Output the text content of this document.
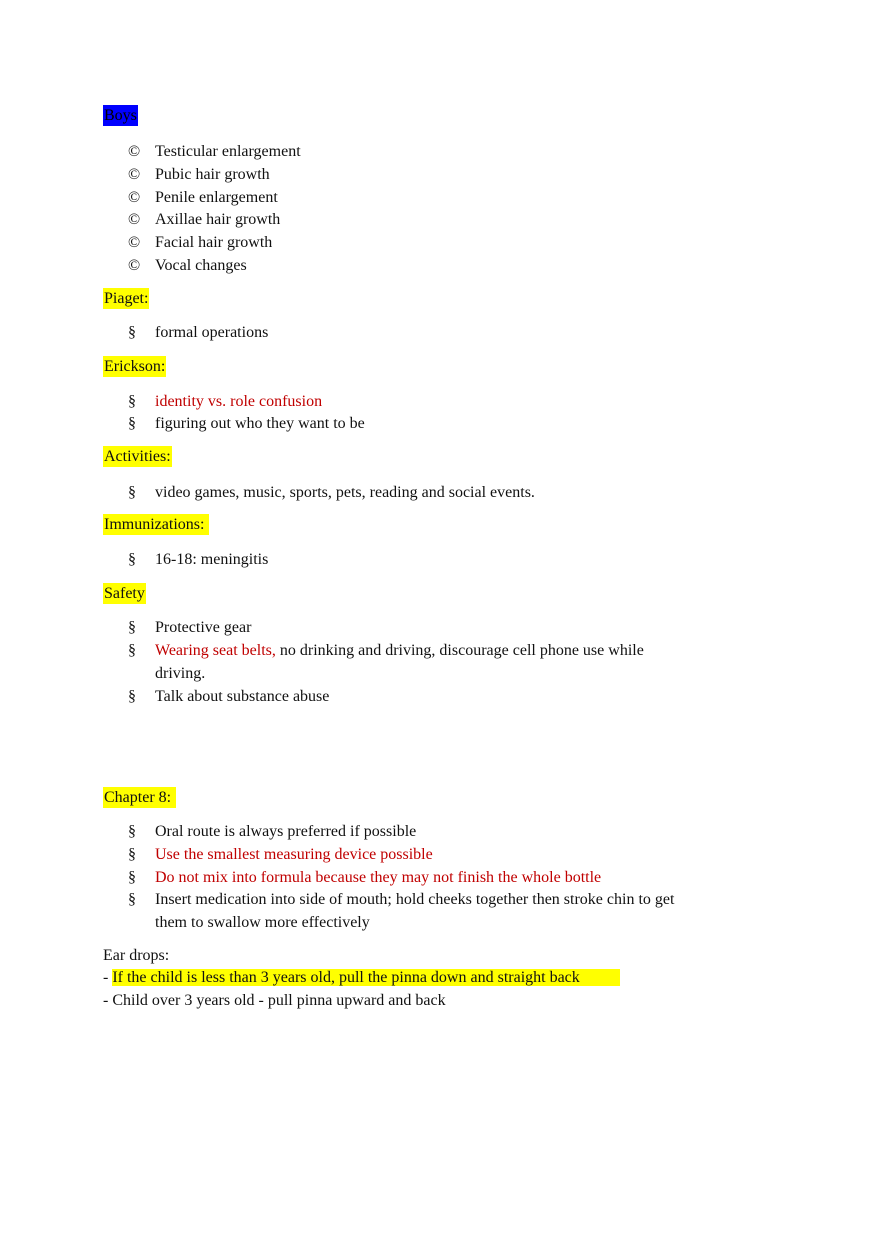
Boys
© Testicular enlargement
© Pubic hair growth
© Penile enlargement
© Axillae hair growth
© Facial hair growth
© Vocal changes
Piaget:
§	formal operations
Erickson:
§	identity vs. role confusion
§	figuring out who they want to be
Activities:
§	video games, music, sports, pets, reading and social events.
Immunizations:
§	16-18: meningitis
Safety
§	Protective gear
§	Wearing seat belts, no drinking and driving, discourage cell phone use while
driving.
§	Talk about substance abuse
Chapter 8:
§	Oral route is always preferred if possible
§	Use the smallest measuring device possible
§	Do not mix into formula because they may not finish the whole bottle
§	Insert medication into side of mouth; hold cheeks together then stroke chin to get
them to swallow more effectively
Ear drops:
- If the child is less than 3 years old, pull the pinna down and straight back
- Child over 3 years old - pull pinna upward and back
